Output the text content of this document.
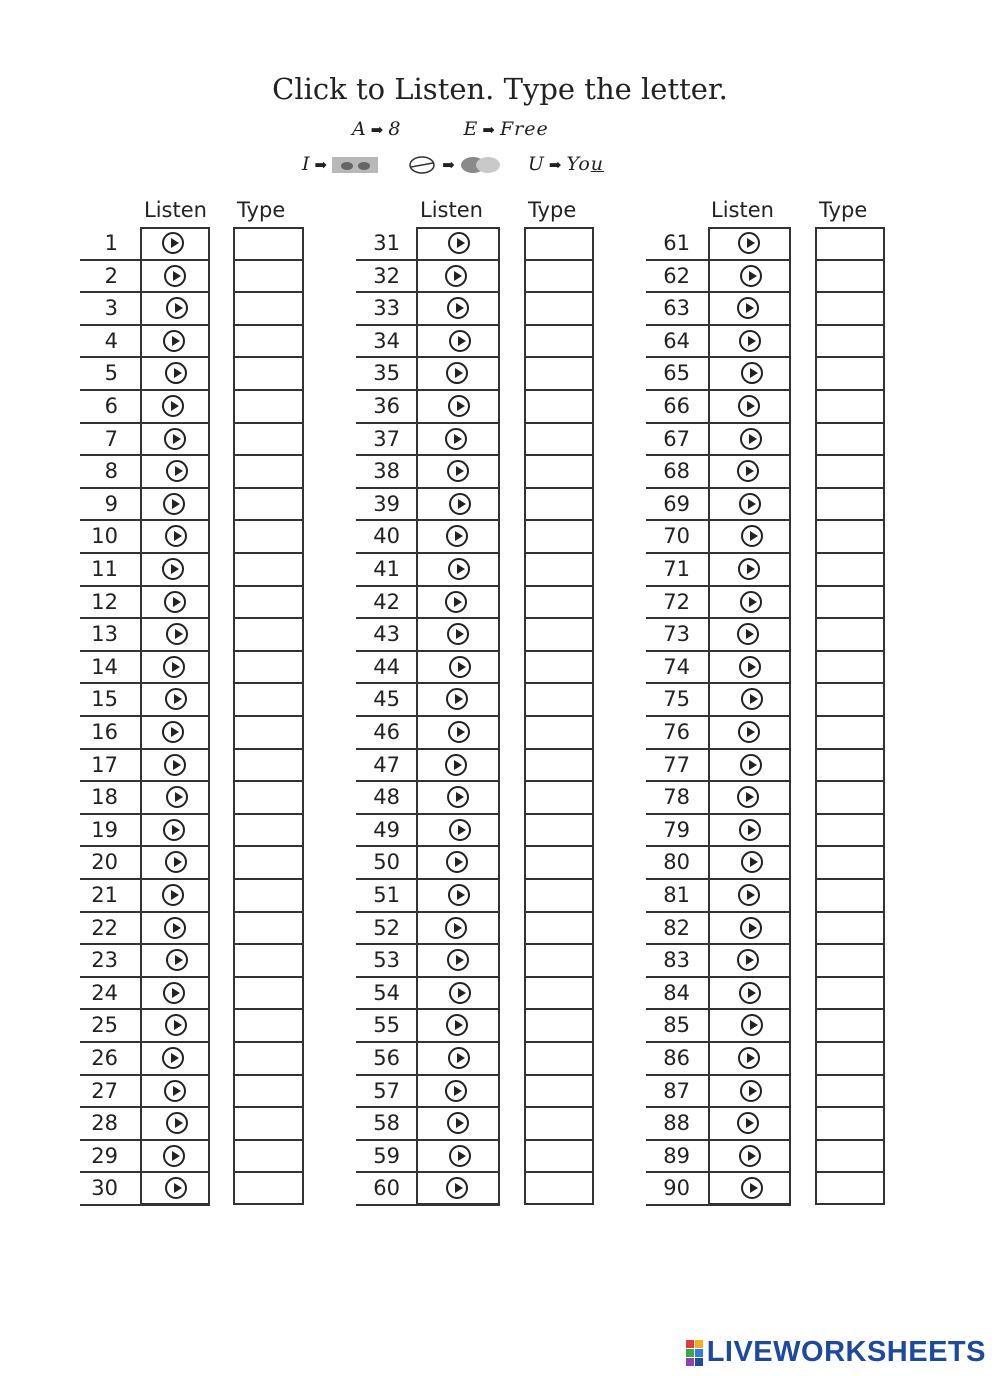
Click to Listen. Type the letter.
A ➡ 8	E ➡ Free
I ➡	➡	U ➡ You
Listen Type
1
2
3
4
5
6
7
8
9
10
11
12
13
14
15
16
17
18
19
20
21
22
23
24
25
26
27
28
29
30
Listen Type
31
32
33
34
35
36
37
38
39
40
41
42
43
44
45
46
47
48
49
50
51
52
53
54
55
56
57
58
59
60
Listen Type
61
62
63
64
65
66
67
68
69
70
71
72
73
74
75
76
77
78
79
80
81
82
83
84
85
86
87
88
89
90
LIVEWORKSHEETS
